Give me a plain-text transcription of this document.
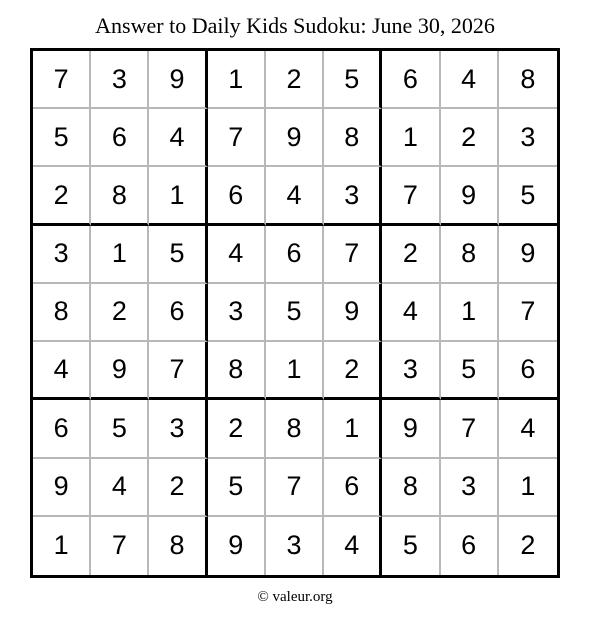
Answer to Daily Kids Sudoku: June 30, 2026
7	3	9	1	2	5	6	4	8
5	6	4	7	9	8	1	2	3
2	8	1	6	4	3	7	9	5
3	1	5	4	6	7	2	8	9
8	2	6	3	5	9	4	1	7
4	9	7	8	1	2	3	5	6
6	5	3	2	8	1	9	7	4
9	4	2	5	7	6	8	3	1
1	7	8	9	3	4	5	6	2
© valeur.org
